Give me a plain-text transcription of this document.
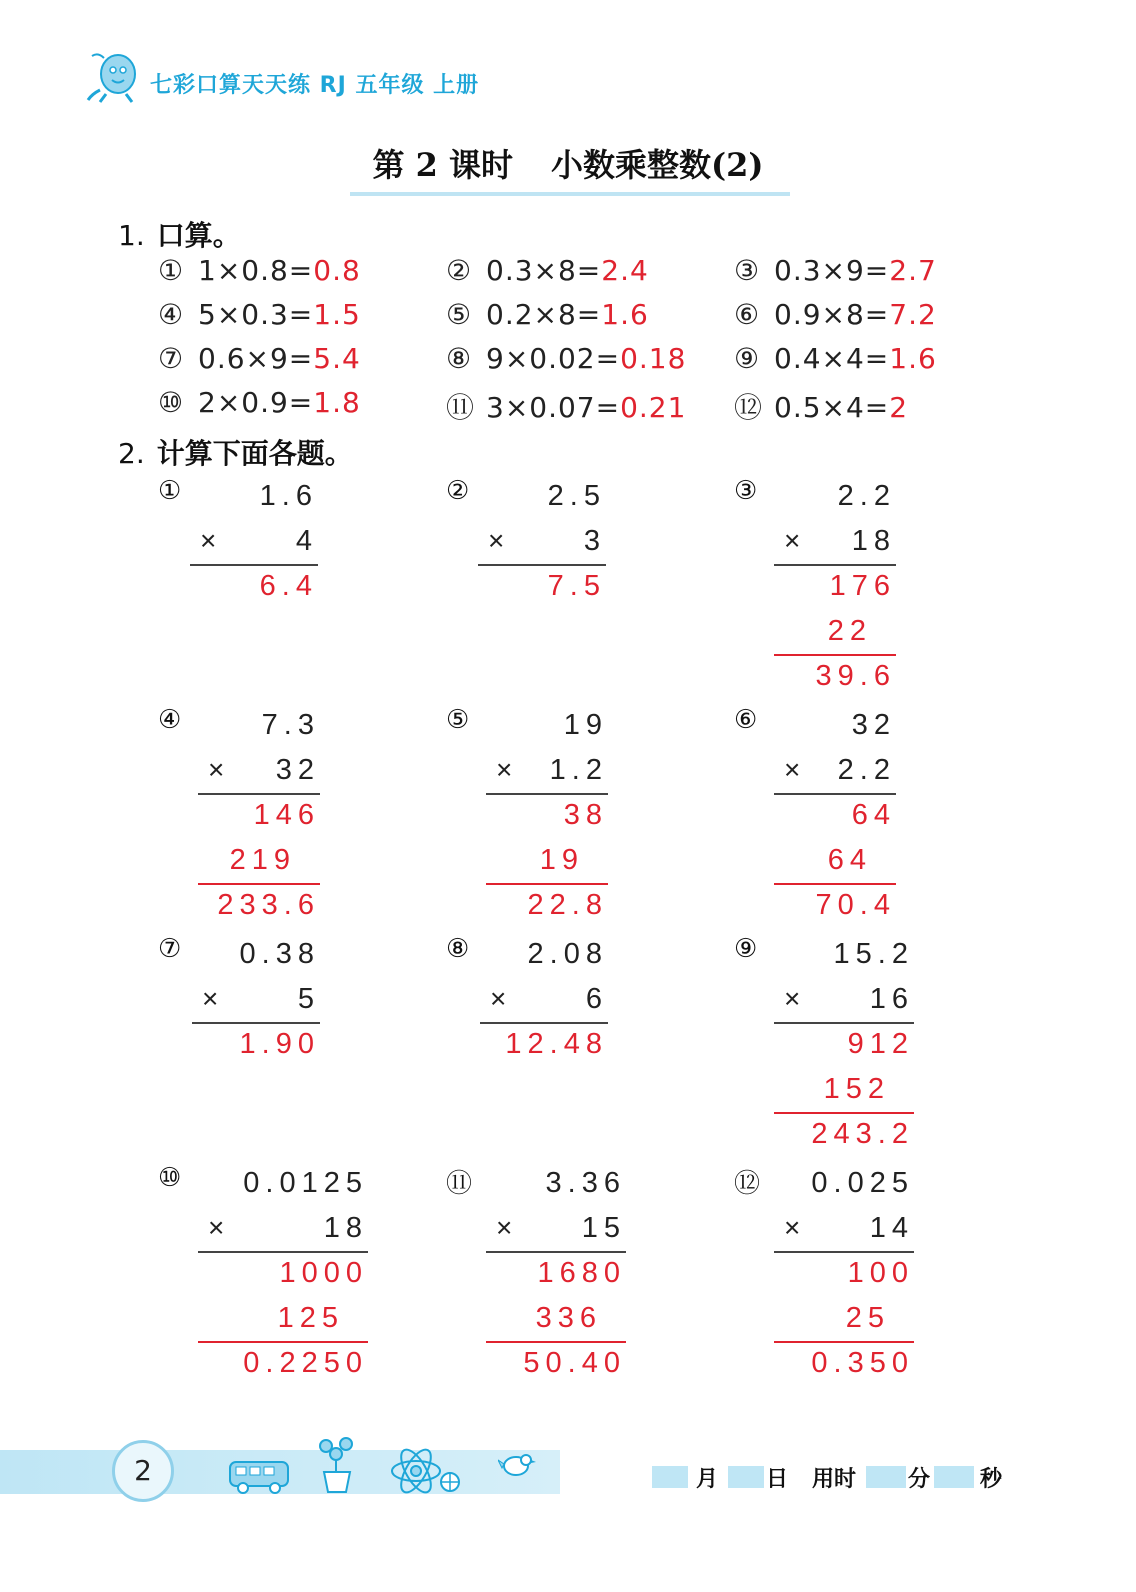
七彩口算天天练 RJ 五年级 上册
第 2 课时 小数乘整数(2)
1. 口算。
① 1×0.8=0.8	② 0.3×8=2.4	③ 0.3×9=2.7
④ 5×0.3=1.5	⑤ 0.2×8=1.6	⑥ 0.9×8=7.2
⑦ 0.6×9=5.4	⑧ 9×0.02=0.18 ⑨ 0.4×4=1.6
⑩ 2×0.9=1.8	⑪ 3×0.07=0.21 ⑫ 0.5×4=2
2. 计算下面各题。
①	1.6
×	4
6.4
②	2.5
×	3
7.5
③	2.2
× 18
176
22
39.6
④	7.3
× 32
146
219
233.6
⑤	19
× 1.2
38
19
22.8
⑥	32
× 2.2
64
64
70.4
⑦ 0.38
×	5
1.90
⑧ 2.08
×	6
12.48
⑨	15.2
× 16
912
152
243.2
⑩ 0.0125
×	18
1000
125
0.2250
⑪	3.36
× 15
1680
336
50.40
⑫ 0.025
× 14
100
25
0.350
2	月 日 用时 分 秒
